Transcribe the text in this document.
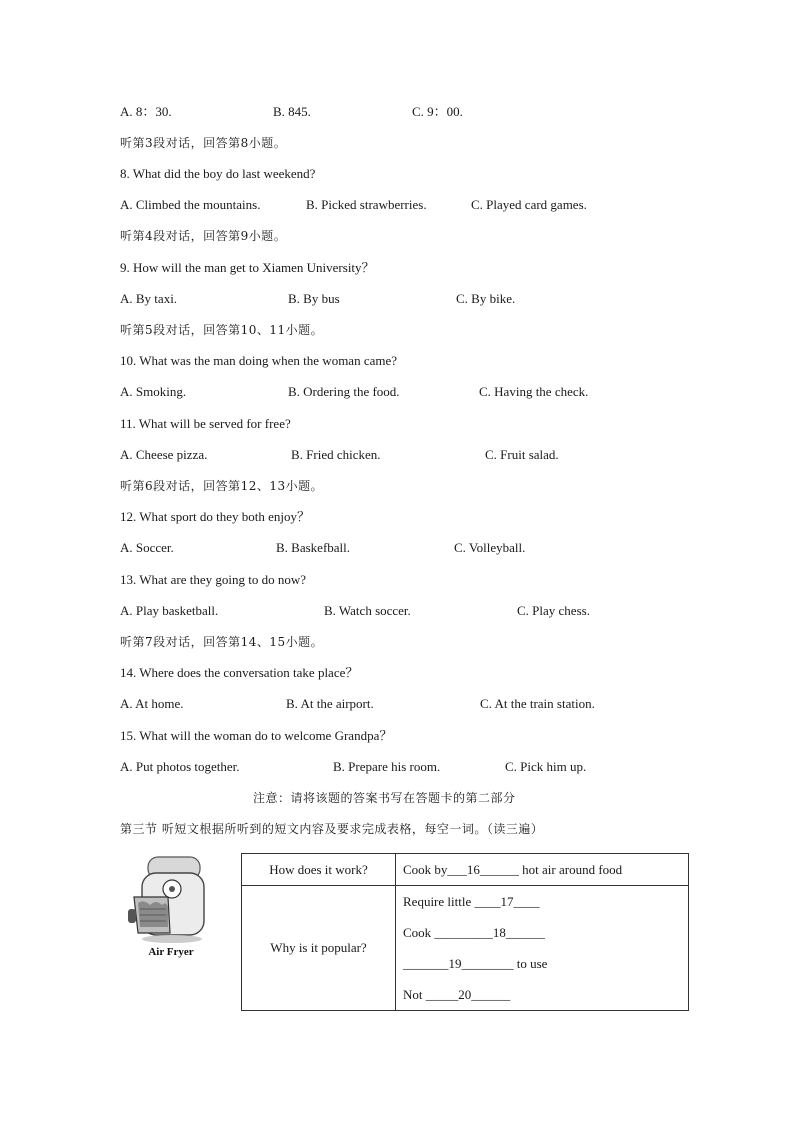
A. 8：30.	B. 845.	C. 9：00.
听第3段对话，回答第8小题。
8. What did the boy do last weekend?
A. Climbed the mountains.	B. Picked strawberries.	C. Played card games.
听第4段对话，回答第9小题。
9. How will the man get to Xiamen University？
A. By taxi.	B. By bus	C. By bike.
听第5段对话，回答第10、11小题。
10. What was the man doing when the woman came?
A. Smoking.	B. Ordering the food.	C. Having the check.
11. What will be served for free?
A. Cheese pizza.	B. Fried chicken.	C. Fruit salad.
听第6段对话，回答第12、13小题。
12. What sport do they both enjoy？
A. Soccer.	B. Baskefball.	C. Volleyball.
13. What are they going to do now?
A. Play basketball.	B. Watch soccer.	C. Play chess.
听第7段对话，回答第14、15小题。
14. Where does the conversation take place？
A. At home.	B. At the airport.	C. At the train station.
15. What will the woman do to welcome Grandpa？
A. Put photos together.	B. Prepare his room.	C. Pick him up.
注意：请将该题的答案书写在答题卡的第二部分
第三节 听短文根据所听到的短文内容及要求完成表格，每空一词。（读三遍）
Air Fryer
How does it work?	Cook by___16______ hot air around food
Why is it popular?	Require little ____17____
Cook _________18______
_______19________ to use
Not _____20______
